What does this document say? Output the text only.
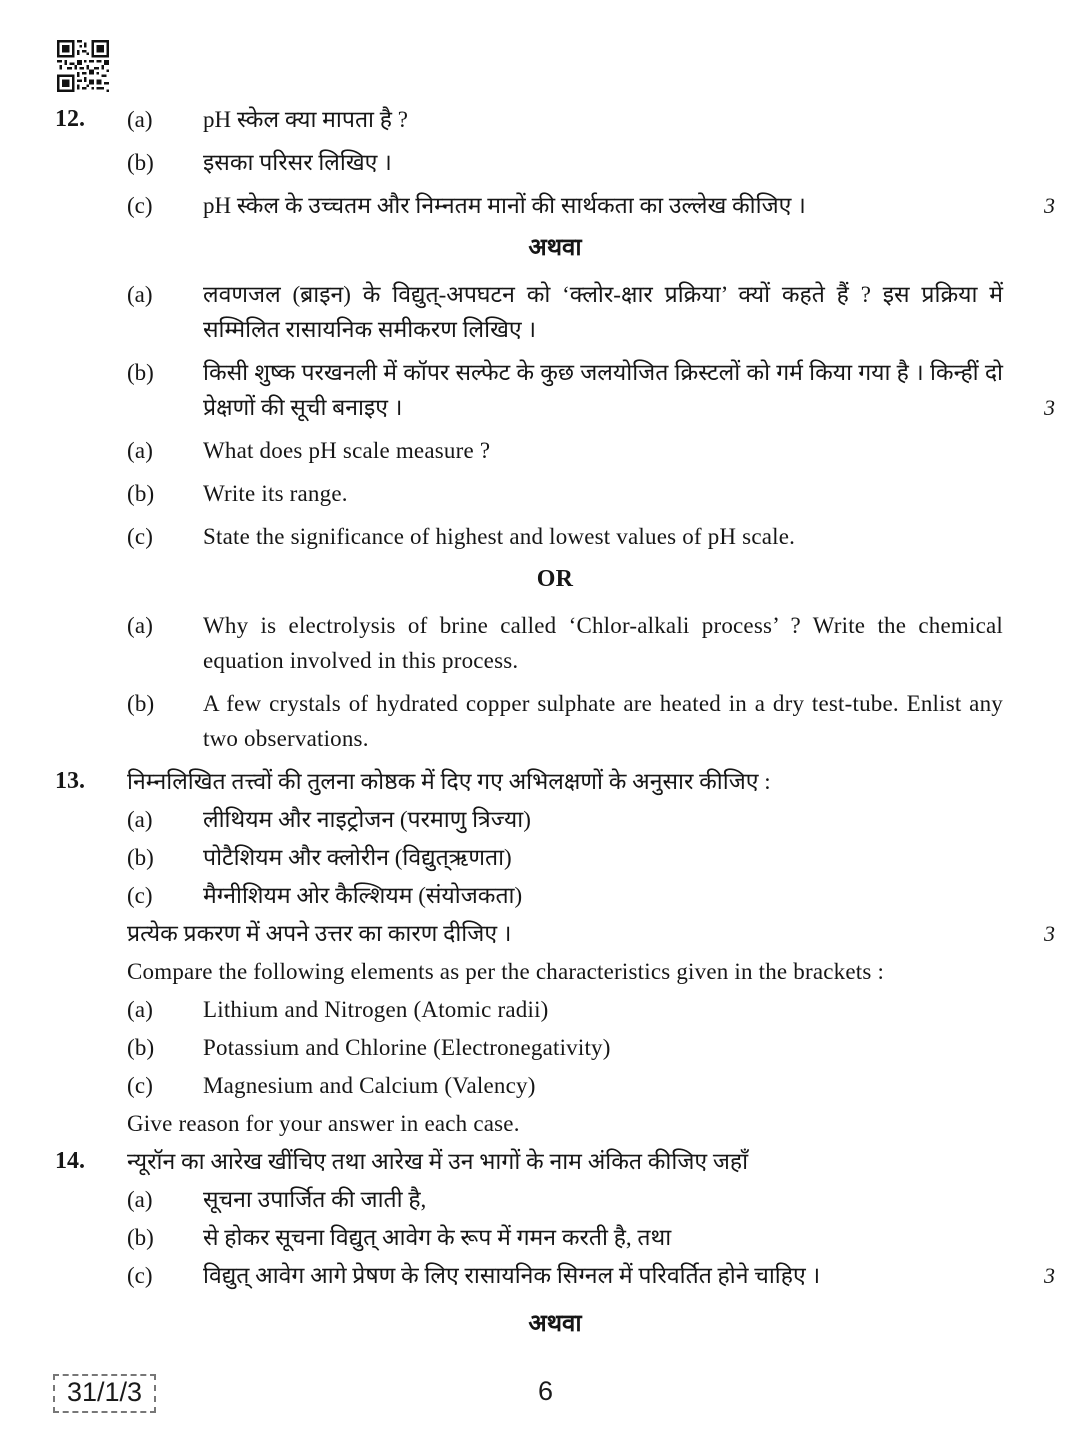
12.	(a)	pH स्केल क्या मापता है ?
(b)	इसका परिसर लिखिए ।
(c)	pH स्केल के उच्चतम और निम्नतम मानों की सार्थकता का उल्लेख कीजिए ।	3
अथवा
(a)	लवणजल (ब्राइन) के विद्युत्-अपघटन को ‘क्लोर-क्षार प्रक्रिया’ क्यों कहते हैं ? इस प्रक्रिया में सम्मिलित रासायनिक समीकरण लिखिए ।
(b)	किसी शुष्क परखनली में कॉपर सल्फेट के कुछ जलयोजित क्रिस्टलों को गर्म किया गया है । किन्हीं दो प्रेक्षणों की सूची बनाइए ।	3
(a)	What does pH scale measure ?
(b)	Write its range.
(c)	State the significance of highest and lowest values of pH scale.
OR
(a)	Why is electrolysis of brine called ‘Chlor-alkali process’ ? Write the chemical equation involved in this process.
(b)	A few crystals of hydrated copper sulphate are heated in a dry test-tube. Enlist any two observations.
13.	निम्नलिखित तत्त्वों की तुलना कोष्ठक में दिए गए अभिलक्षणों के अनुसार कीजिए :
(a)	लीथियम और नाइट्रोजन (परमाणु त्रिज्या)
(b)	पोटैशियम और क्लोरीन (विद्युत्ऋणता)
(c)	मैग्नीशियम ओर कैल्शियम (संयोजकता)
प्रत्येक प्रकरण में अपने उत्तर का कारण दीजिए ।	3
Compare the following elements as per the characteristics given in the brackets :
(a)	Lithium and Nitrogen (Atomic radii)
(b)	Potassium and Chlorine (Electronegativity)
(c)	Magnesium and Calcium (Valency)
Give reason for your answer in each case.
14.	न्यूरॉन का आरेख खींचिए तथा आरेख में उन भागों के नाम अंकित कीजिए जहाँ
(a)	सूचना उपार्जित की जाती है,
(b)	से होकर सूचना विद्युत् आवेग के रूप में गमन करती है, तथा
(c)	विद्युत् आवेग आगे प्रेषण के लिए रासायनिक सिग्नल में परिवर्तित होने चाहिए ।	3
अथवा
6
31/1/3
